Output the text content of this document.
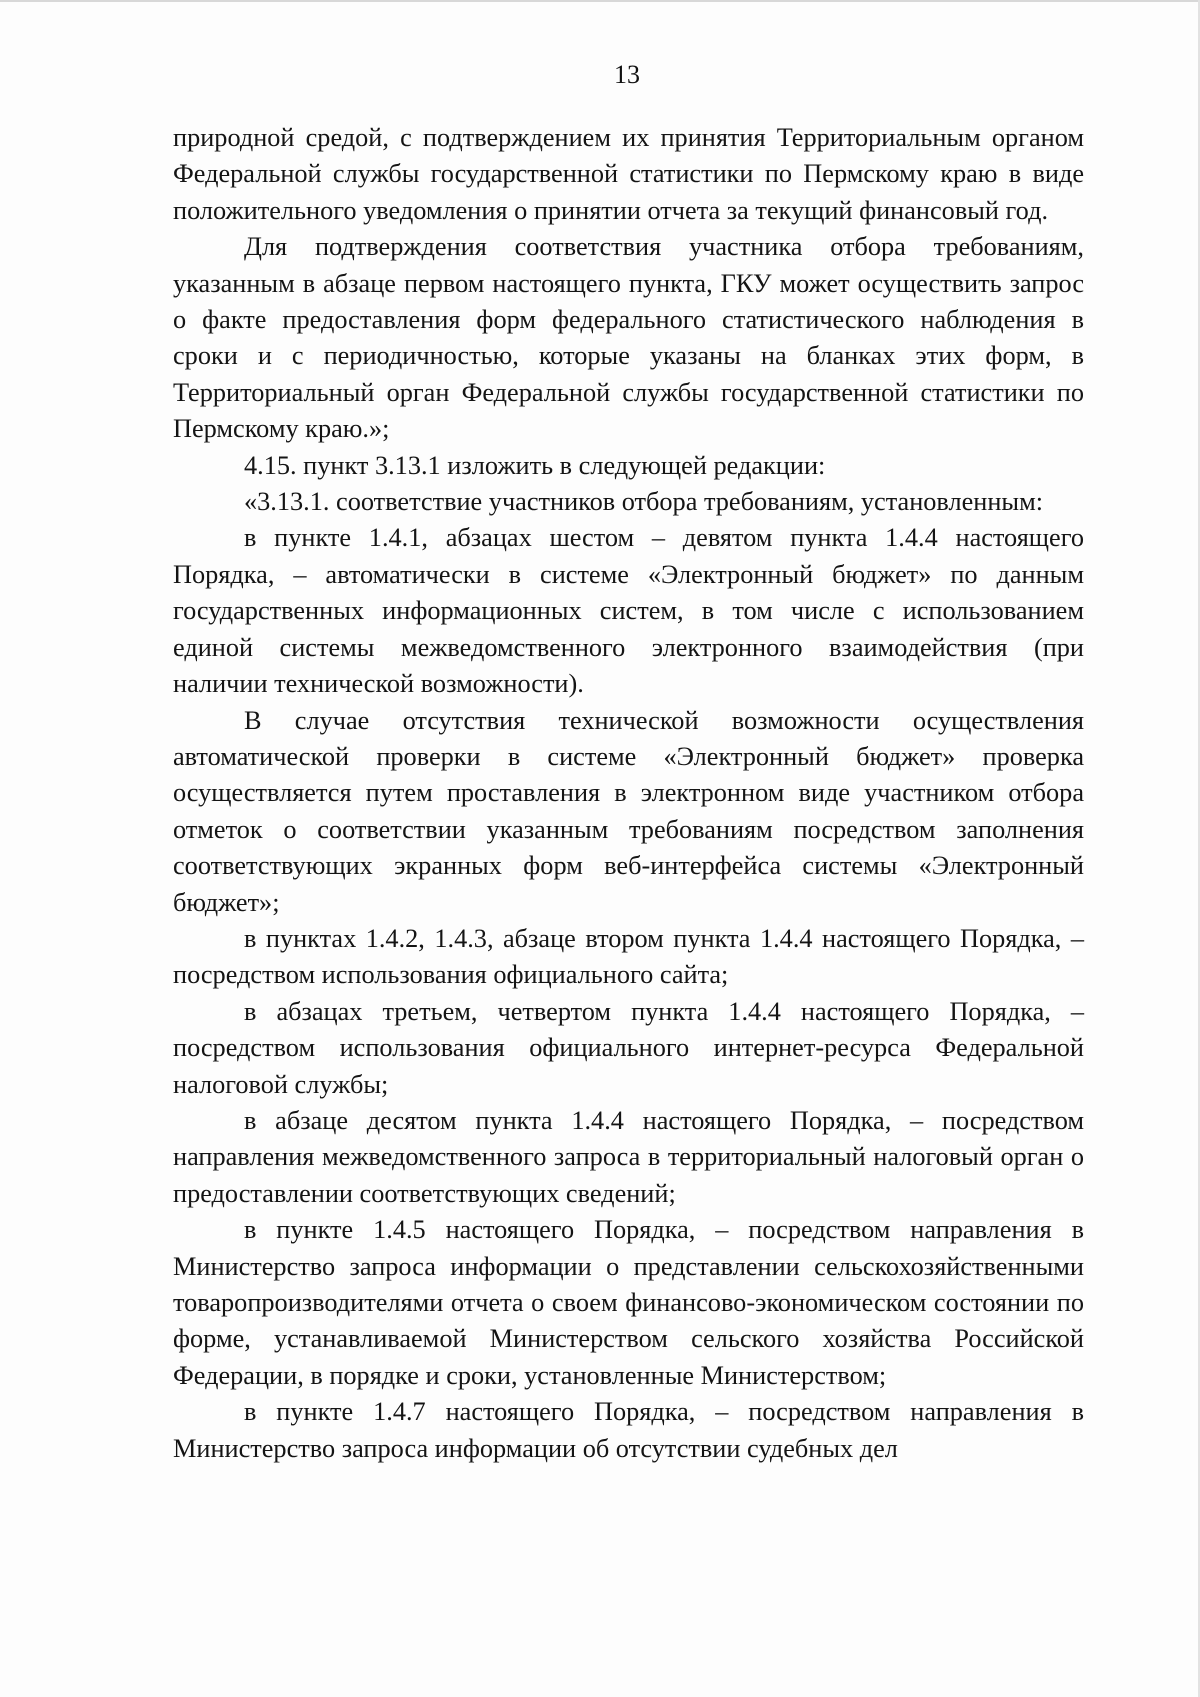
13

природной средой, с подтверждением их принятия Территориальным органом Федеральной службы государственной статистики по Пермскому краю в виде положительного уведомления о принятии отчета за текущий финансовый год.

Для подтверждения соответствия участника отбора требованиям, указанным в абзаце первом настоящего пункта, ГКУ может осуществить запрос о факте предоставления форм федерального статистического наблюдения в сроки и с периодичностью, которые указаны на бланках этих форм, в Территориальный орган Федеральной службы государственной статистики по Пермскому краю.»;

4.15. пункт 3.13.1 изложить в следующей редакции:

«3.13.1. соответствие участников отбора требованиям, установленным:

в пункте 1.4.1, абзацах шестом – девятом пункта 1.4.4 настоящего Порядка, – автоматически в системе «Электронный бюджет» по данным государственных информационных систем, в том числе с использованием единой системы межведомственного электронного взаимодействия (при наличии технической возможности).

В случае отсутствия технической возможности осуществления автоматической проверки в системе «Электронный бюджет» проверка осуществляется путем проставления в электронном виде участником отбора отметок о соответствии указанным требованиям посредством заполнения соответствующих экранных форм веб-интерфейса системы «Электронный бюджет»;

в пунктах 1.4.2, 1.4.3, абзаце втором пункта 1.4.4 настоящего Порядка, – посредством использования официального сайта;

в абзацах третьем, четвертом пункта 1.4.4 настоящего Порядка, – посредством использования официального интернет-ресурса Федеральной налоговой службы;

в абзаце десятом пункта 1.4.4 настоящего Порядка, – посредством направления межведомственного запроса в территориальный налоговый орган о предоставлении соответствующих сведений;

в пункте 1.4.5 настоящего Порядка, – посредством направления в Министерство запроса информации о представлении сельскохозяйственными товаропроизводителями отчета о своем финансово-экономическом состоянии по форме, устанавливаемой Министерством сельского хозяйства Российской Федерации, в порядке и сроки, установленные Министерством;

в пункте 1.4.7 настоящего Порядка, – посредством направления в Министерство запроса информации об отсутствии судебных дел
